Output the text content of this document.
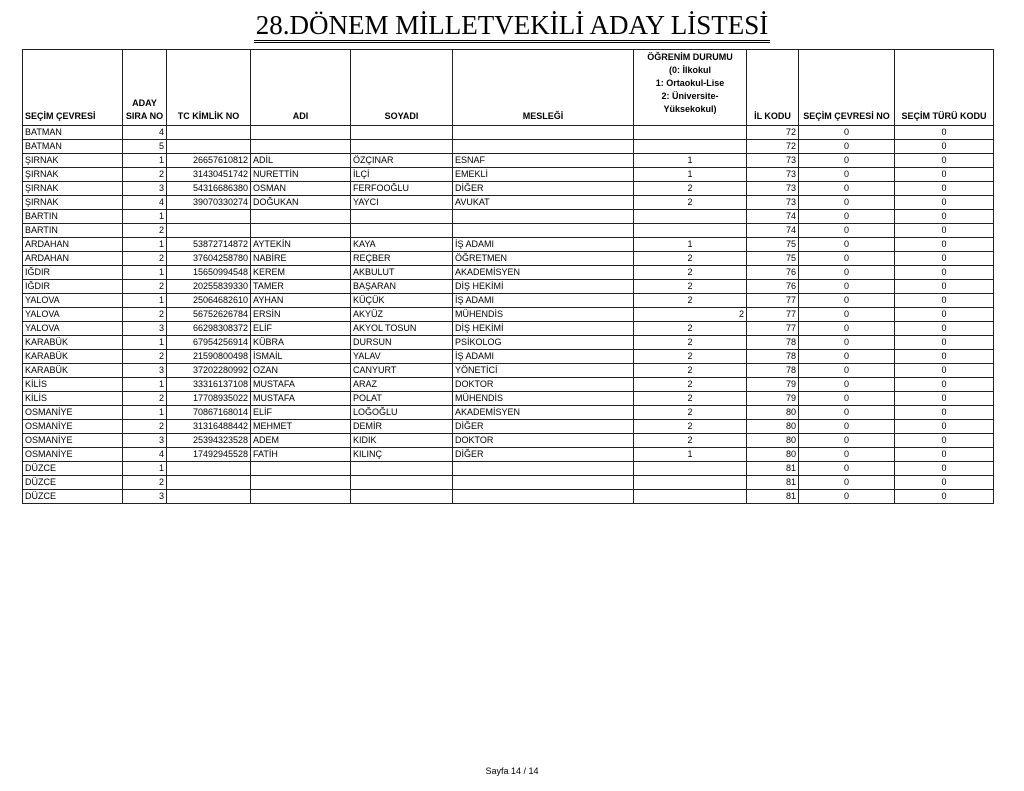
28.DÖNEM MİLLETVEKİLİ ADAY LİSTESİ
SEÇİM ÇEVRESİ	ADAY
SIRA NO	TC KİMLİK NO	ADI	SOYADI	MESLEĞİ	ÖĞRENİM DURUMU
(0: İlkokul
1: Ortaokul-Lise
2: Üniversite-
Yüksekokul)	İL KODU	SEÇİM ÇEVRESİ NO	SEÇİM TÜRÜ KODU
BATMAN	4						72	0	0
BATMAN	5						72	0	0
ŞIRNAK	1	26657610812	ADİL	ÖZÇINAR	ESNAF	1	73	0	0
ŞIRNAK	2	31430451742	NURETTİN	İLÇİ	EMEKLİ	1	73	0	0
ŞIRNAK	3	54316686380	OSMAN	FERFOOĞLU	DİĞER	2	73	0	0
ŞIRNAK	4	39070330274	DOĞUKAN	YAYCI	AVUKAT	2	73	0	0
BARTIN	1						74	0	0
BARTIN	2						74	0	0
ARDAHAN	1	53872714872	AYTEKİN	KAYA	İŞ ADAMI	1	75	0	0
ARDAHAN	2	37604258780	NABİRE	REÇBER	ÖĞRETMEN	2	75	0	0
IĞDIR	1	15650994548	KEREM	AKBULUT	AKADEMİSYEN	2	76	0	0
IĞDIR	2	20255839330	TAMER	BAŞARAN	DİŞ HEKİMİ	2	76	0	0
YALOVA	1	25064682610	AYHAN	KÜÇÜK	İŞ ADAMI	2	77	0	0
YALOVA	2	56752626784	ERSİN	AKYÜZ	MÜHENDİS	2	77	0	0
YALOVA	3	66298308372	ELİF	AKYOL TOSUN	DİŞ HEKİMİ	2	77	0	0
KARABÜK	1	67954256914	KÜBRA	DURSUN	PSİKOLOG	2	78	0	0
KARABÜK	2	21590800498	İSMAİL	YALAV	İŞ ADAMI	2	78	0	0
KARABÜK	3	37202280992	OZAN	CANYURT	YÖNETİCİ	2	78	0	0
KİLİS	1	33316137108	MUSTAFA	ARAZ	DOKTOR	2	79	0	0
KİLİS	2	17708935022	MUSTAFA	POLAT	MÜHENDİS	2	79	0	0
OSMANİYE	1	70867168014	ELİF	LOĞOĞLU	AKADEMİSYEN	2	80	0	0
OSMANİYE	2	31316488442	MEHMET	DEMİR	DİĞER	2	80	0	0
OSMANİYE	3	25394323528	ADEM	KIDIK	DOKTOR	2	80	0	0
OSMANİYE	4	17492945528	FATİH	KILINÇ	DİĞER	1	80	0	0
DÜZCE	1						81	0	0
DÜZCE	2						81	0	0
DÜZCE	3						81	0	0
Sayfa 14 / 14
